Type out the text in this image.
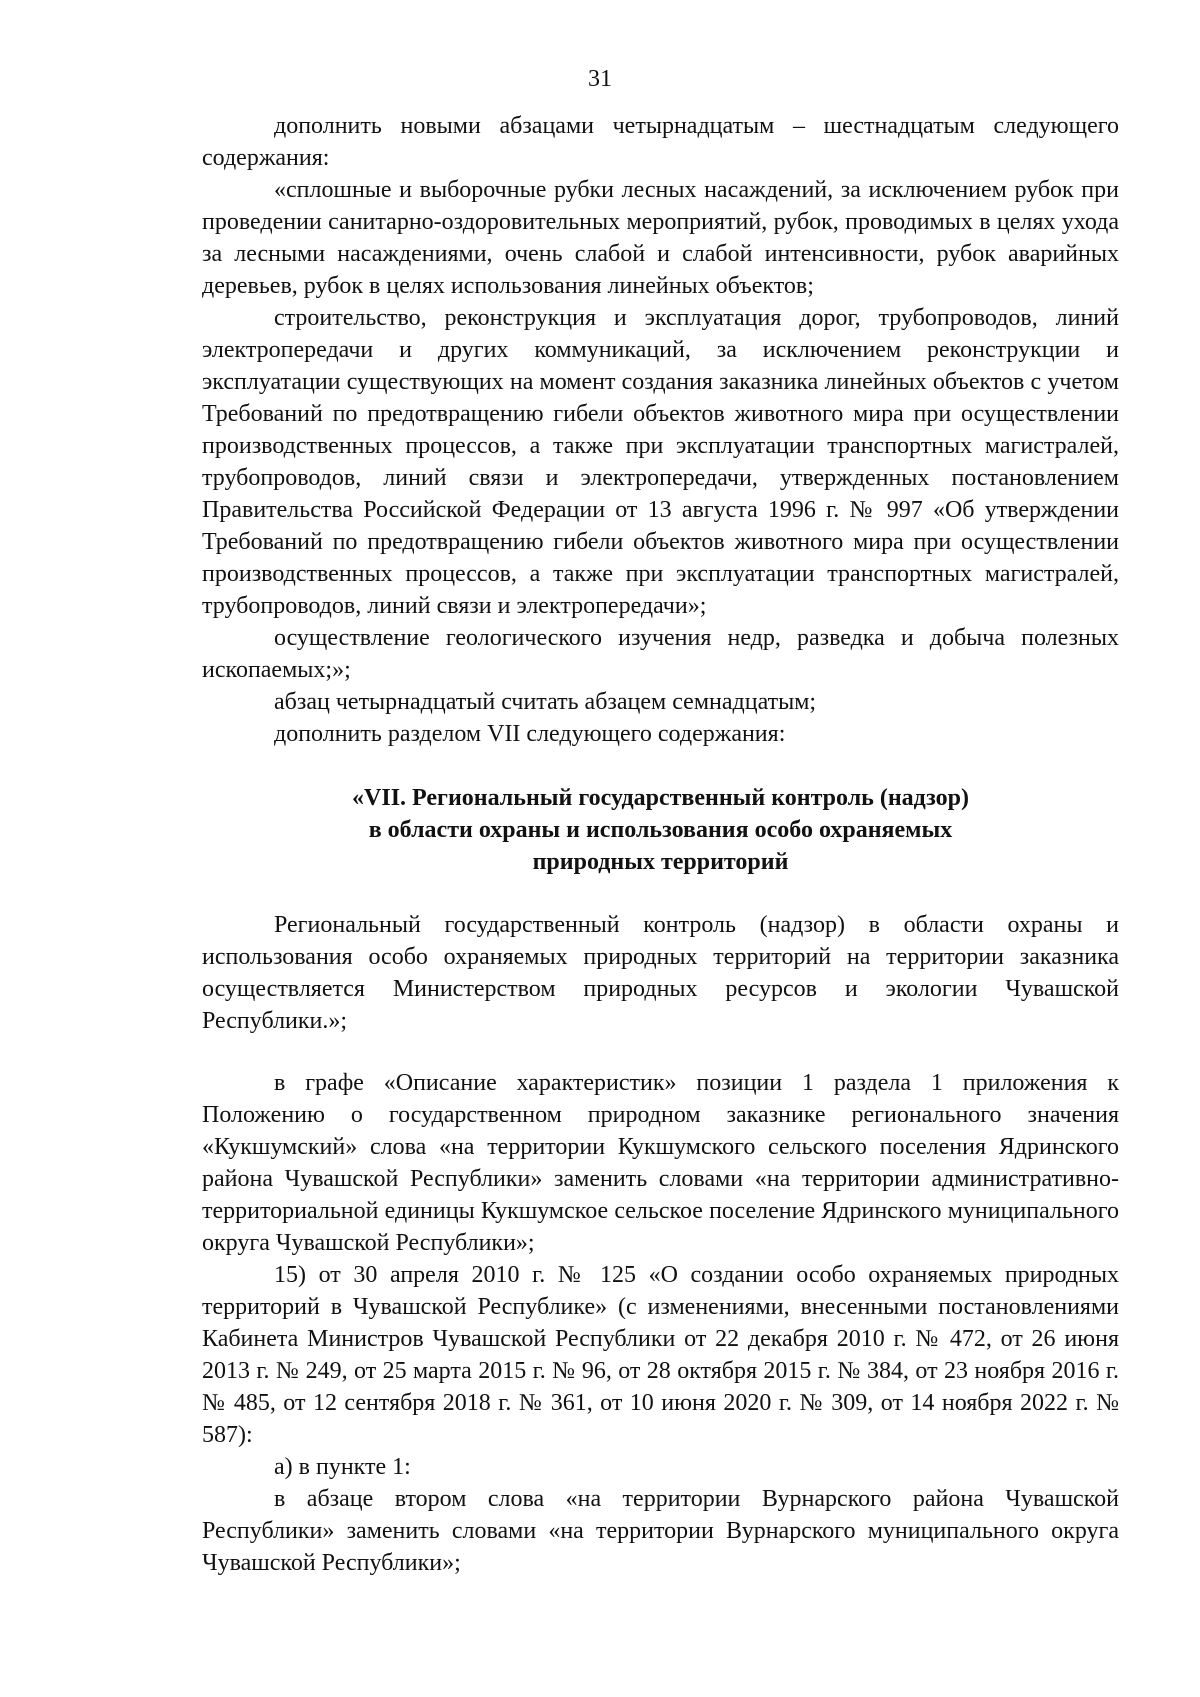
31

дополнить новыми абзацами четырнадцатым – шестнадцатым следующего содержания:

«сплошные и выборочные рубки лесных насаждений, за исключением рубок при проведении санитарно-оздоровительных мероприятий, рубок, проводимых в целях ухода за лесными насаждениями, очень слабой и слабой интенсивности, рубок аварийных деревьев, рубок в целях использования линейных объектов;

строительство, реконструкция и эксплуатация дорог, трубопроводов, линий электропередачи и других коммуникаций, за исключением реконструкции и эксплуатации существующих на момент создания заказника линейных объектов с учетом Требований по предотвращению гибели объектов животного мира при осуществлении производственных процессов, а также при эксплуатации транспортных магистралей, трубопроводов, линий связи и электропередачи, утвержденных постановлением Правительства Российской Федерации от 13 августа 1996 г. № 997 «Об утверждении Требований по предотвращению гибели объектов животного мира при осуществлении производственных процессов, а также при эксплуатации транспортных магистралей, трубопроводов, линий связи и электропередачи»;

осуществление геологического изучения недр, разведка и добыча полезных ископаемых;»;

абзац четырнадцатый считать абзацем семнадцатым;

дополнить разделом VII следующего содержания:

«VII. Региональный государственный контроль (надзор)
в области охраны и использования особо охраняемых
природных территорий

Региональный государственный контроль (надзор) в области охраны и использования особо охраняемых природных территорий на территории заказника осуществляется Министерством природных ресурсов и экологии Чувашской Республики.»;

в графе «Описание характеристик» позиции 1 раздела 1 приложения к Положению о государственном природном заказнике регионального значения «Кукшумский» слова «на территории Кукшумского сельского поселения Ядринского района Чувашской Республики» заменить словами «на территории административно-территориальной единицы Кукшумское сельское поселение Ядринского муниципального округа Чувашской Республики»;

15) от 30 апреля 2010 г. № 125 «О создании особо охраняемых природных территорий в Чувашской Республике» (с изменениями, внесенными постановлениями Кабинета Министров Чувашской Республики от 22 декабря 2010 г. № 472, от 26 июня 2013 г. № 249, от 25 марта 2015 г. № 96, от 28 октября 2015 г. № 384, от 23 ноября 2016 г. № 485, от 12 сентября 2018 г. № 361, от 10 июня 2020 г. № 309, от 14 ноября 2022 г. № 587):

а) в пункте 1:

в абзаце втором слова «на территории Вурнарского района Чувашской Республики» заменить словами «на территории Вурнарского муниципального округа Чувашской Республики»;
